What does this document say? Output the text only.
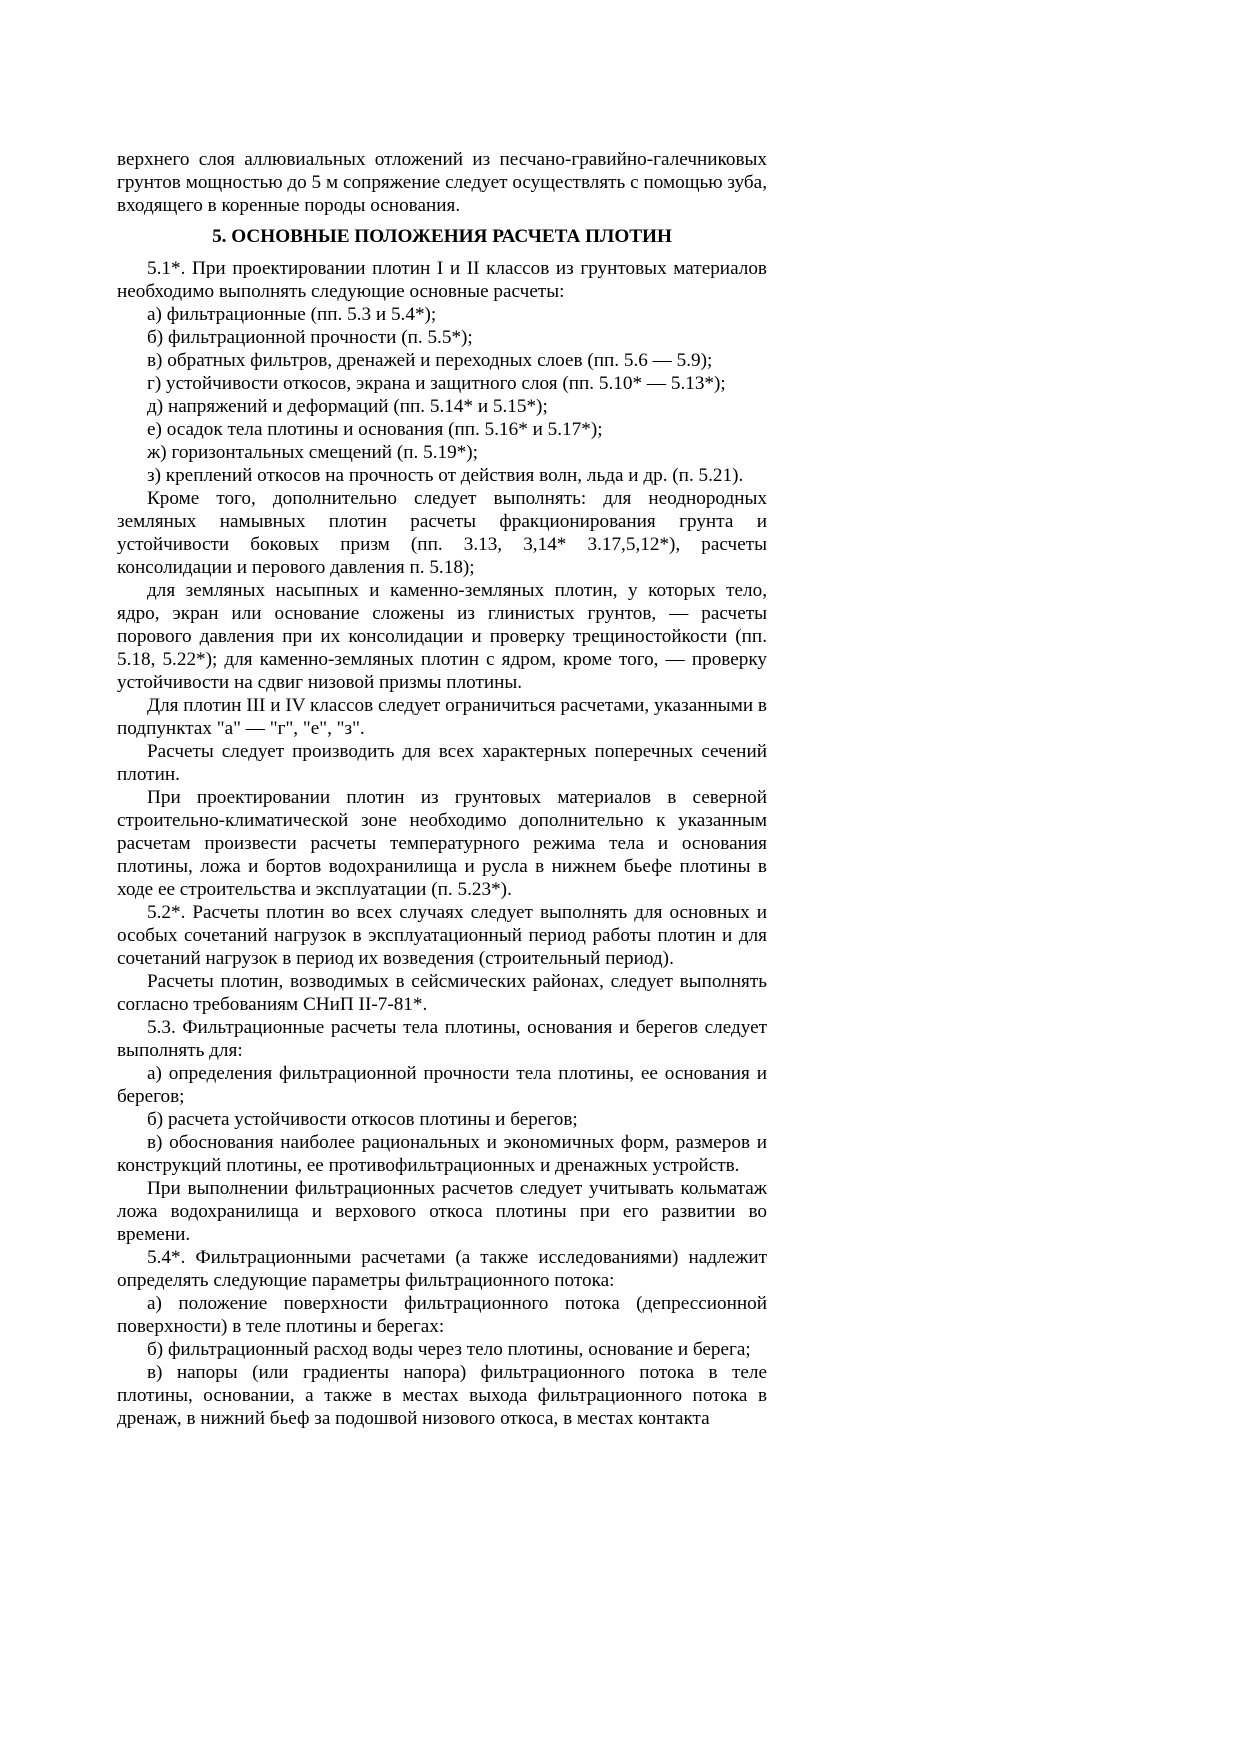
верхнего слоя аллювиальных отложений из песчано-гравийно-галечниковых грунтов мощностью до 5 м сопряжение следует осуществлять с помощью зуба, входящего в коренные породы основания.

5. ОСНОВНЫЕ ПОЛОЖЕНИЯ РАСЧЕТА ПЛОТИН

5.1*. При проектировании плотин I и II классов из грунтовых материалов необходимо выполнять следующие основные расчеты:

а) фильтрационные (пп. 5.3 и 5.4*);

б) фильтрационной прочности (п. 5.5*);

в) обратных фильтров, дренажей и переходных слоев (пп. 5.6 — 5.9);

г) устойчивости откосов, экрана и защитного слоя (пп. 5.10* — 5.13*);

д) напряжений и деформаций (пп. 5.14* и 5.15*);

е) осадок тела плотины и основания (пп. 5.16* и 5.17*);

ж) горизонтальных смещений (п. 5.19*);

з) креплений откосов на прочность от действия волн, льда и др. (п. 5.21).

Кроме того, дополнительно следует выполнять: для неоднородных земляных намывных плотин расчеты фракционирования грунта и устойчивости боковых призм (пп. 3.13, 3,14* 3.17,5,12*), расчеты консолидации и перового давления п. 5.18);

для земляных насыпных и каменно-земляных плотин, у которых тело, ядро, экран или основание сложены из глинистых грунтов, — расчеты порового давления при их консолидации и проверку трещиностойкости (пп. 5.18, 5.22*); для каменно-земляных плотин с ядром, кроме того, — проверку устойчивости на сдвиг низовой призмы плотины.

Для плотин III и IV классов следует ограничиться расчетами, указанными в подпунктах "а" — "г", "е", "з".

Расчеты следует производить для всех характерных поперечных сечений плотин.

При проектировании плотин из грунтовых материалов в северной строительно-климатической зоне необходимо дополнительно к указанным расчетам произвести расчеты температурного режима тела и основания плотины, ложа и бортов водохранилища и русла в нижнем бьефе плотины в ходе ее строительства и эксплуатации (п. 5.23*).

5.2*. Расчеты плотин во всех случаях следует выполнять для основных и особых сочетаний нагрузок в эксплуатационный период работы плотин и для сочетаний нагрузок в период их возведения (строительный период).

Расчеты плотин, возводимых в сейсмических районах, следует выполнять согласно требованиям СНиП II-7-81*.

5.3. Фильтрационные расчеты тела плотины, основания и берегов следует выполнять для:

а) определения фильтрационной прочности тела плотины, ее основания и берегов;

б) расчета устойчивости откосов плотины и берегов;

в) обоснования наиболее рациональных и экономичных форм, размеров и конструкций плотины, ее противофильтрационных и дренажных устройств.

При выполнении фильтрационных расчетов следует учитывать кольматаж ложа водохранилища и верхового откоса плотины при его развитии во времени.

5.4*. Фильтрационными расчетами (а также исследованиями) надлежит определять следующие параметры фильтрационного потока:

а) положение поверхности фильтрационного потока (депрессионной поверхности) в теле плотины и берегах:

б) фильтрационный расход воды через тело плотины, основание и берега;

в) напоры (или градиенты напора) фильтрационного потока в теле плотины, основании, а также в местах выхода фильтрационного потока в дренаж, в нижний бьеф за подошвой низового откоса, в местах контакта
